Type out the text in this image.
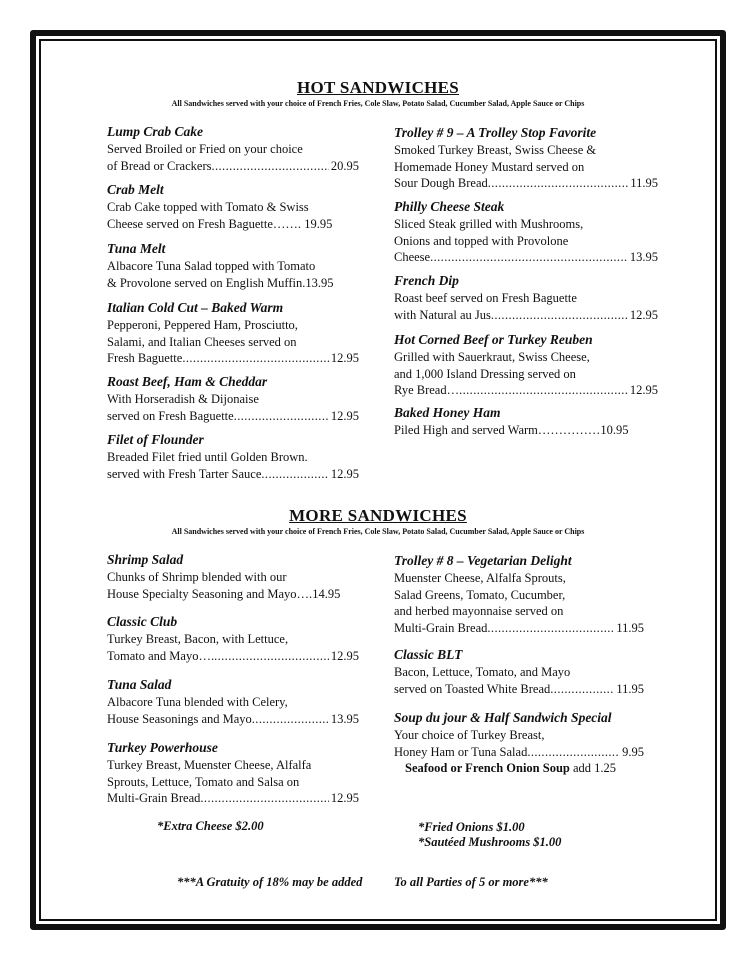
HOT SANDWICHES
All Sandwiches served with your choice of French Fries, Cole Slaw, Potato Salad, Cucumber Salad, Apple Sauce or Chips
Lump Crab Cake
Served Broiled or Fried on your choice
of Bread or Crackers .....	20.95
Crab Melt
Crab Cake topped with Tomato & Swiss
Cheese served on Fresh Baguette……. 19.95
Tuna Melt
Albacore Tuna Salad topped with Tomato
& Provolone served on English Muffin.13.95
Italian Cold Cut – Baked Warm
Pepperoni, Peppered Ham, Prosciutto,
Salami, and Italian Cheeses served on
Fresh Baguette .....	12.95
Roast Beef, Ham & Cheddar
With Horseradish & Dijonaise
served on Fresh Baguette .....	12.95
Filet of Flounder
Breaded Filet fried until Golden Brown.
served with Fresh Tarter Sauce .....	12.95
Trolley # 9 – A Trolley Stop Favorite
Smoked Turkey Breast, Swiss Cheese &
Homemade Honey Mustard served on
Sour Dough Bread .....	11.95
Philly Cheese Steak
Sliced Steak grilled with Mushrooms,
Onions and topped with Provolone
Cheese .....	13.95
French Dip
Roast beef served on Fresh Baguette
with Natural au Jus .....	12.95
Hot Corned Beef or Turkey Reuben
Grilled with Sauerkraut, Swiss Cheese,
and 1,000 Island Dressing served on
Rye Bread… .....	12.95
Baked Honey Ham
Piled High and served Warm……………10.95
MORE SANDWICHES
All Sandwiches served with your choice of French Fries, Cole Slaw, Potato Salad, Cucumber Salad, Apple Sauce or Chips
Shrimp Salad
Chunks of Shrimp blended with our
House Specialty Seasoning and Mayo….14.95
Classic Club
Turkey Breast, Bacon, with Lettuce,
Tomato and Mayo…. .....	12.95
Tuna Salad
Albacore Tuna blended with Celery,
House Seasonings and Mayo .....	13.95
Turkey Powerhouse
Turkey Breast, Muenster Cheese, Alfalfa
Sprouts, Lettuce, Tomato and Salsa on
Multi-Grain Bread .....	12.95
Trolley # 8 – Vegetarian Delight
Muenster Cheese, Alfalfa Sprouts,
Salad Greens, Tomato, Cucumber,
and herbed mayonnaise served on
Multi-Grain Bread .....	11.95
Classic BLT
Bacon, Lettuce, Tomato, and Mayo
served on Toasted White Bread .....	11.95
Soup du jour & Half Sandwich Special
Your choice of Turkey Breast,
Honey Ham or Tuna Salad .....	9.95
Seafood or French Onion Soup add 1.25
*Extra Cheese $2.00	*Fried Onions $1.00
*Sautéed Mushrooms $1.00
***A Gratuity of 18% may be added	To all Parties of 5 or more***
